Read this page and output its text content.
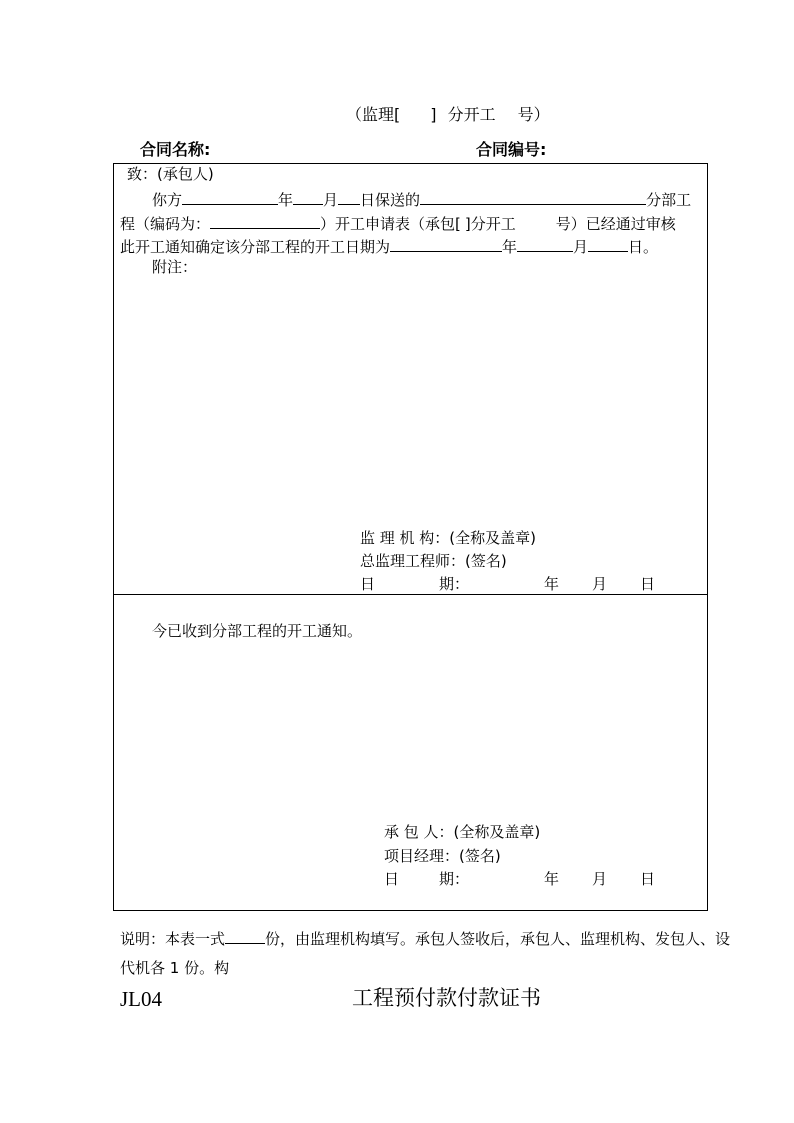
（监理[ ] 分开工 号）
合同名称:	合同编号:
致：(承包人)
你方	年 月 日保送的	分部工
程（编码为：	）开工申请表（承包[ ]分开工	号）已经通过审核
此开工通知确定该分部工程的开工日期为	年	月	日。
附注：
监 理 机 构：(全称及盖章)
总监理工程师：(签名)
日	期：	年 月 日
今已收到分部工程的开工通知。
承 包 人：(全称及盖章)
项目经理：(签名)
日	期：	年 月 日
说明：本表一式	份，由监理机构填写。承包人签收后，承包人、监理机构、发包人、设
代机各 1 份。构
JL04	工程预付款付款证书
